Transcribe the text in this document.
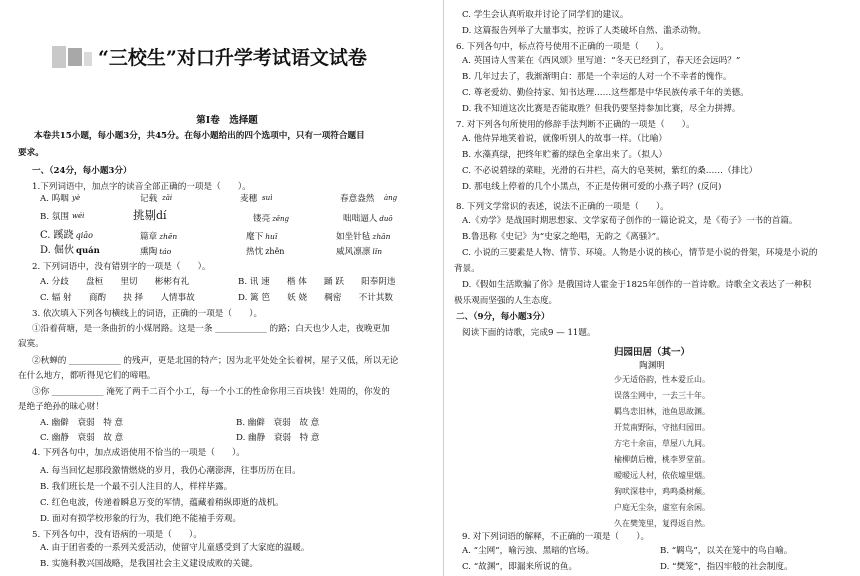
“三校生”对口升学考试语文试卷
第Ⅰ卷　选择题
本卷共15小题，每小题3分，共45分。在每小题给出的四个选项中，只有一项符合题目
要求。
一、（24分，每小题3分）
1.下列词语中，加点字的读音全部正确的一项是（　　）。
A. 呜咽 yè	记载 zǎi	麦穗 suì	春意盎然 àng
B. 氛围 wéi	挑剔dí	镂亮 zěng	咄咄逼人 duō
C. 蹊跷 qiāo	篇章 zhēn	麾下 huī	如坐针毡 zhān
D. 倔伙 quán	熏陶 táo	热忱 zhěn	威风凛凛 lǐn
2. 下列词语中，没有错别字的一项是（　　）。
A. 分歧　　盘桓　　里切　　彬彬有礼	B. 讯 速　　楷 体　　踊 跃　　阳奉阴违
C. 辐 射　　商酌　　抉 择　　人情事故	D. 篱 笆　　妖 娆　　稠密　　不计其数
3. 依次填入下列各句横线上的词语，正确的一项是（　　）。
①沿着荷塘，是一条曲折的小煤屑路。这是一条 ____________ 的路；白天也少人走，夜晚更加
寂寞。
②秋蝉的 ____________ 的残声，更是北国的特产；因为北平处处全长着树，屋子又低，所以无论
在什么地方，都听得见它们的啼唱。
③你 ____________ 淹死了两千二百个小工，每一个小工的性命你用三百块钱！姓周的，你发的
是绝子绝孙的昧心财！
A. 幽僻　衰弱　特 意	B. 幽僻　衰弱　故 意
C. 幽静　衰弱　故 意	D. 幽静　衰弱　特 意
4. 下列各句中，加点成语使用不恰当的一项是（　　）。
A. 每当回忆起那段激情燃烧的岁月，我仍心潮澎湃，往事历历在目。
B. 我们班长是一个最不引人注目的人，样样毕露。
C. 红色电波，传递着瞬息万变的军情，蕴藏着稍纵即逝的战机。
D. 面对有损学校形象的行为，我们绝不能袖手旁观。
5. 下列各句中，没有语病的一项是（　　）。
A. 由于团省委的一系列关爱活动，使留守儿童感受到了大家庭的温暖。
B. 实施科教兴国战略，是我国社会主义建设成败的关键。
C. 学生会认真听取并讨论了同学们的建议。
D. 这篇报告列举了大量事实，控诉了人类破坏自然、滥杀动物。
6. 下列各句中，标点符号使用不正确的一项是（　　）。
A. 英国诗人雪莱在《西风颂》里写道：“冬天已经到了，春天还会远吗？”
B. 几年过去了，我渐渐明白：那是一个幸运的人对一个不幸者的愧作。
C. 尊老爱幼、勤俭持家、知书达理……这些都是中华民族传承千年的美德。
D. 我不知道这次比赛是否能取胜？但我仍要坚持参加比赛，尽全力拼搏。
7. 对下列各句所使用的修辞手法判断不正确的一项是（　　）。
A. 他侍异地笑着说，就像听别人的故事一样。（比喻）
B. 水藻真绿，把终年贮蓄的绿色全拿出来了。（拟人）
C. 不必说碧绿的菜畦，光滑的石井栏，高大的皂荚树，紫红的桑……（排比）
D. 那电线上停着的几个小黑点，不正是传俐可爱的小燕子吗？(反问)
8. 下列文学常识的表述，说法不正确的一项是（　　）。
A.《劝学》是战国时期思想家、文学家荀子创作的一篇论说文，是《荀子》一书的首篇。
B.鲁迅称《史记》为“史家之绝唱，无韵之《离骚》”。
C. 小说的三要素是人物、情节、环境。人物是小说的核心，情节是小说的骨架，环境是小说的
背景。
D.《假如生活欺骗了你》是俄国诗人霍金于1825年创作的一首诗歌。诗歌全文表达了一种积
极乐观而坚强的人生态度。
二、（9分，每小题3分）
阅读下面的诗歌，完成9 — 11题。
归园田居（其一）
陶渊明
少无适俗韵，性本爱丘山。
误落尘网中，一去三十年。
羁鸟恋旧林，池鱼思故渊。
开荒南野际，守拙归园田。
方宅十余亩，草屋八九间。
榆柳荫后檐，桃李罗堂前。
暧暧远人村，依依墟里烟。
狗吠深巷中，鸡鸣桑树颠。
户庭无尘杂，虚室有余闲。
久在樊笼里，复得返自然。
9. 对下列词语的解释，不正确的一项是（　　）。
A. “尘网”，喻污浊、黑暗的官场。	B. “羁鸟”，以关在笼中的鸟自喻。
C. “故渊”，即漏来所说的鱼。	D. “樊笼”，指囚牢般的社会制度。
